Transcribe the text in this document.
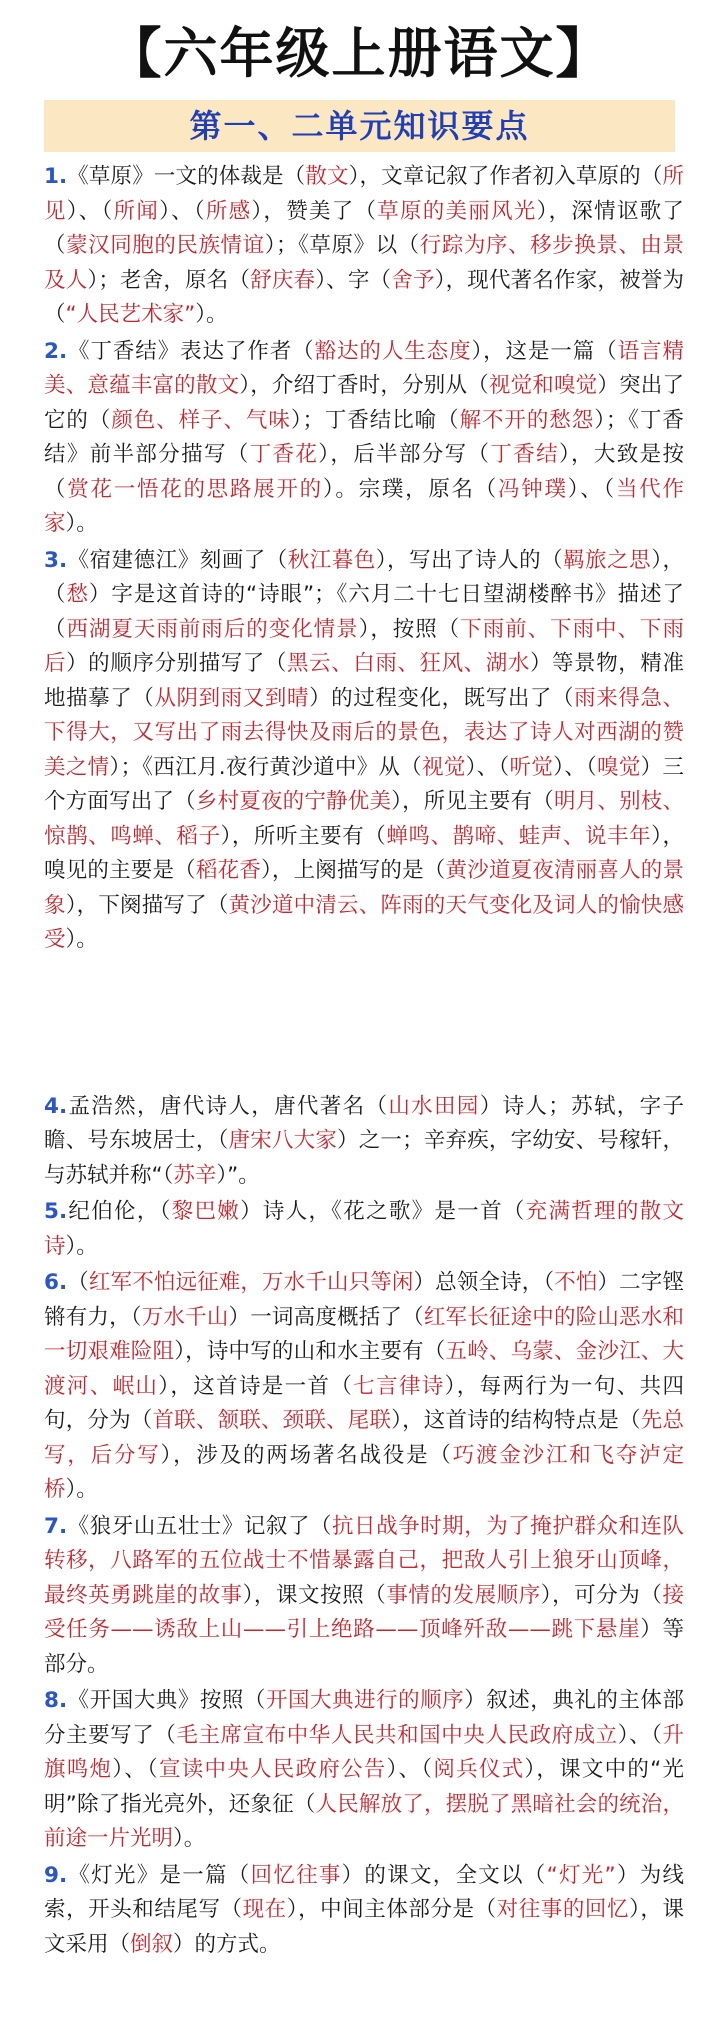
【六年级上册语文】
第一、二单元知识要点
1.《草原》一文的体裁是（散文），文章记叙了作者初入草原的（所见）、（所闻）、（所感），赞美了（草原的美丽风光），深情讴歌了（蒙汉同胞的民族情谊）；《草原》以（行踪为序、移步换景、由景及人）；老舍，原名（舒庆春）、字（舍予），现代著名作家，被誉为（“人民艺术家”）。
2.《丁香结》表达了作者（豁达的人生态度），这是一篇（语言精美、意蕴丰富的散文），介绍丁香时，分别从（视觉和嗅觉）突出了它的（颜色、样子、气味）；丁香结比喻（解不开的愁怨）；《丁香结》前半部分描写（丁香花），后半部分写（丁香结），大致是按（赏花一悟花的思路展开的）。宗璞，原名（冯钟璞）、（当代作家）。
3.《宿建德江》刻画了（秋江暮色），写出了诗人的（羁旅之思），（愁）字是这首诗的“诗眼”；《六月二十七日望湖楼醉书》描述了（西湖夏天雨前雨后的变化情景），按照（下雨前、下雨中、下雨后）的顺序分别描写了（黑云、白雨、狂风、湖水）等景物，精准地描摹了（从阴到雨又到晴）的过程变化，既写出了（雨来得急、下得大，又写出了雨去得快及雨后的景色，表达了诗人对西湖的赞美之情）；《西江月.夜行黄沙道中》从（视觉）、（听觉）、（嗅觉）三个方面写出了（乡村夏夜的宁静优美），所见主要有（明月、别枝、惊鹊、鸣蝉、稻子），所听主要有（蝉鸣、鹊啼、蛙声、说丰年），嗅见的主要是（稻花香），上阕描写的是（黄沙道夏夜清丽喜人的景象），下阕描写了（黄沙道中清云、阵雨的天气变化及词人的愉快感受）。
4.孟浩然，唐代诗人，唐代著名（山水田园）诗人；苏轼，字子瞻、号东坡居士，（唐宋八大家）之一；辛弃疾，字幼安、号稼轩，与苏轼并称“（苏辛）”。
5.纪伯伦，（黎巴嫩）诗人，《花之歌》是一首（充满哲理的散文诗）。
6.（红军不怕远征难，万水千山只等闲）总领全诗，（不怕）二字铿锵有力，（万水千山）一词高度概括了（红军长征途中的险山恶水和一切艰难险阻），诗中写的山和水主要有（五岭、乌蒙、金沙江、大渡河、岷山），这首诗是一首（七言律诗），每两行为一句、共四句，分为（首联、颔联、颈联、尾联），这首诗的结构特点是（先总写，后分写），涉及的两场著名战役是（巧渡金沙江和飞夺泸定桥）。
7.《狼牙山五壮士》记叙了（抗日战争时期，为了掩护群众和连队转移，八路军的五位战士不惜暴露自己，把敌人引上狼牙山顶峰，最终英勇跳崖的故事），课文按照（事情的发展顺序），可分为（接受任务——诱敌上山——引上绝路——顶峰歼敌——跳下悬崖）等部分。
8.《开国大典》按照（开国大典进行的顺序）叙述，典礼的主体部分主要写了（毛主席宣布中华人民共和国中央人民政府成立）、（升旗鸣炮）、（宣读中央人民政府公告）、（阅兵仪式），课文中的“光明”除了指光亮外，还象征（人民解放了，摆脱了黑暗社会的统治，前途一片光明）。
9.《灯光》是一篇（回忆往事）的课文，全文以（“灯光”）为线索，开头和结尾写（现在），中间主体部分是（对往事的回忆），课文采用（倒叙）的方式。
